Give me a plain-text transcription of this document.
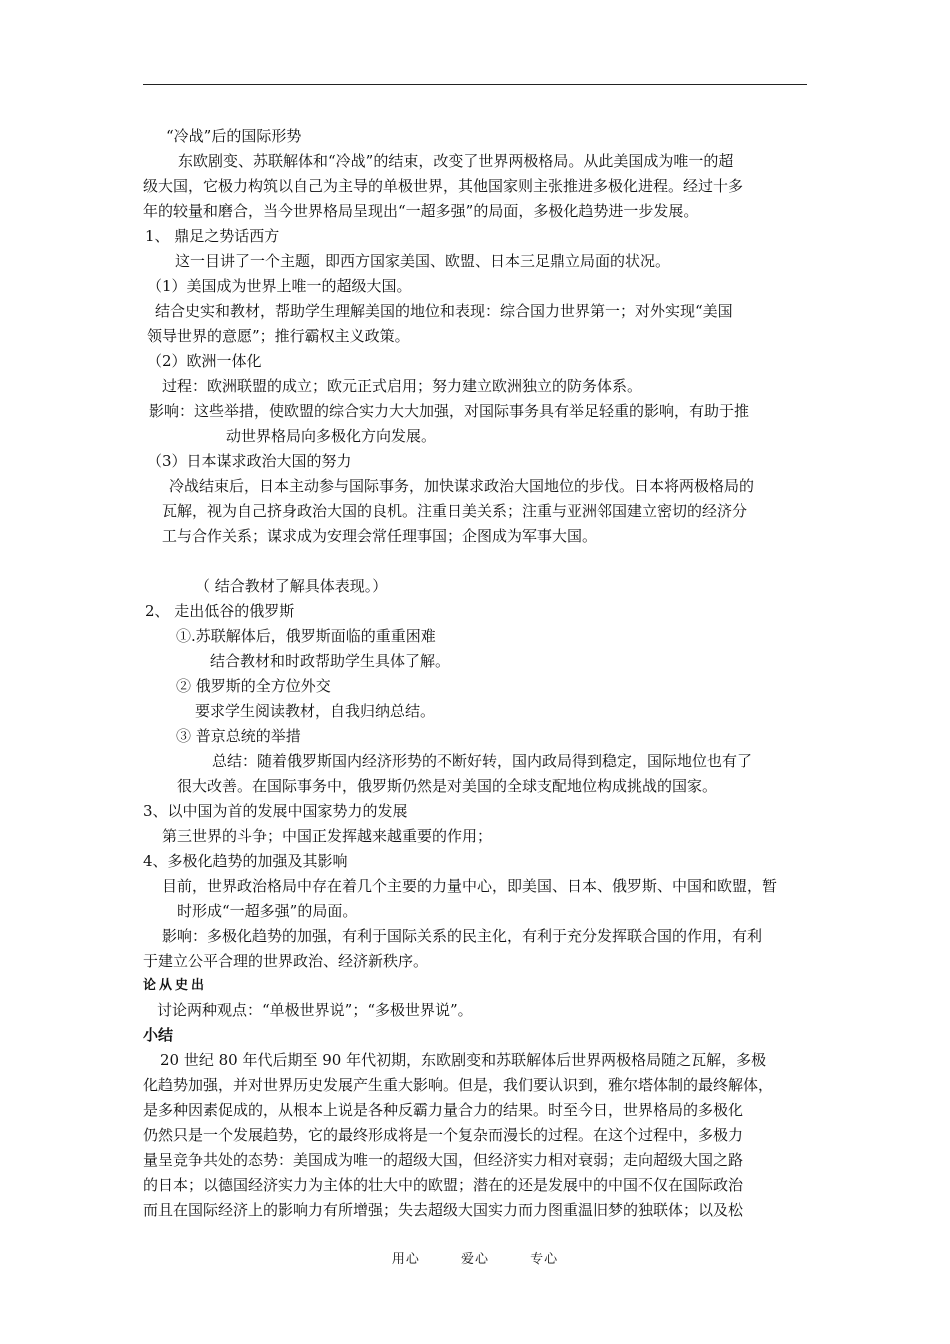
“冷战”后的国际形势
东欧剧变、苏联解体和“冷战”的结束，改变了世界两极格局。从此美国成为唯一的超
级大国，它极力构筑以自己为主导的单极世界，其他国家则主张推进多极化进程。经过十多
年的较量和磨合，当今世界格局呈现出“一超多强”的局面，多极化趋势进一步发展。
1、 鼎足之势话西方
这一目讲了一个主题，即西方国家美国、欧盟、日本三足鼎立局面的状况。
（1）美国成为世界上唯一的超级大国。
结合史实和教材，帮助学生理解美国的地位和表现：综合国力世界第一；对外实现“美国
领导世界的意愿”；推行霸权主义政策。
（2）欧洲一体化
过程：欧洲联盟的成立；欧元正式启用；努力建立欧洲独立的防务体系。
影响：这些举措，使欧盟的综合实力大大加强，对国际事务具有举足轻重的影响，有助于推
动世界格局向多极化方向发展。
（3）日本谋求政治大国的努力
冷战结束后，日本主动参与国际事务，加快谋求政治大国地位的步伐。日本将两极格局的
瓦解，视为自己挤身政治大国的良机。注重日美关系；注重与亚洲邻国建立密切的经济分
工与合作关系；谋求成为安理会常任理事国；企图成为军事大国。
（ 结合教材了解具体表现。）
2、 走出低谷的俄罗斯
①.苏联解体后，俄罗斯面临的重重困难
结合教材和时政帮助学生具体了解。
② 俄罗斯的全方位外交
要求学生阅读教材，自我归纳总结。
③ 普京总统的举措
总结：随着俄罗斯国内经济形势的不断好转，国内政局得到稳定，国际地位也有了
很大改善。在国际事务中，俄罗斯仍然是对美国的全球支配地位构成挑战的国家。
3、以中国为首的发展中国家势力的发展
第三世界的斗争；中国正发挥越来越重要的作用；
4、多极化趋势的加强及其影响
目前，世界政治格局中存在着几个主要的力量中心，即美国、日本、俄罗斯、中国和欧盟，暂
时形成“一超多强”的局面。
影响：多极化趋势的加强，有利于国际关系的民主化，有利于充分发挥联合国的作用，有利
于建立公平合理的世界政治、经济新秩序。
论从史出
讨论两种观点：“单极世界说”；“多极世界说”。
小结
20 世纪 80 年代后期至 90 年代初期，东欧剧变和苏联解体后世界两极格局随之瓦解，多极
化趋势加强，并对世界历史发展产生重大影响。但是，我们要认识到，雅尔塔体制的最终解体，
是多种因素促成的，从根本上说是各种反霸力量合力的结果。时至今日，世界格局的多极化
仍然只是一个发展趋势，它的最终形成将是一个复杂而漫长的过程。在这个过程中，多极力
量呈竞争共处的态势：美国成为唯一的超级大国，但经济实力相对衰弱；走向超级大国之路
的日本；以德国经济实力为主体的壮大中的欧盟；潜在的还是发展中的中国不仅在国际政治
而且在国际经济上的影响力有所增强；失去超级大国实力而力图重温旧梦的独联体；以及松
用心	爱心	专心
